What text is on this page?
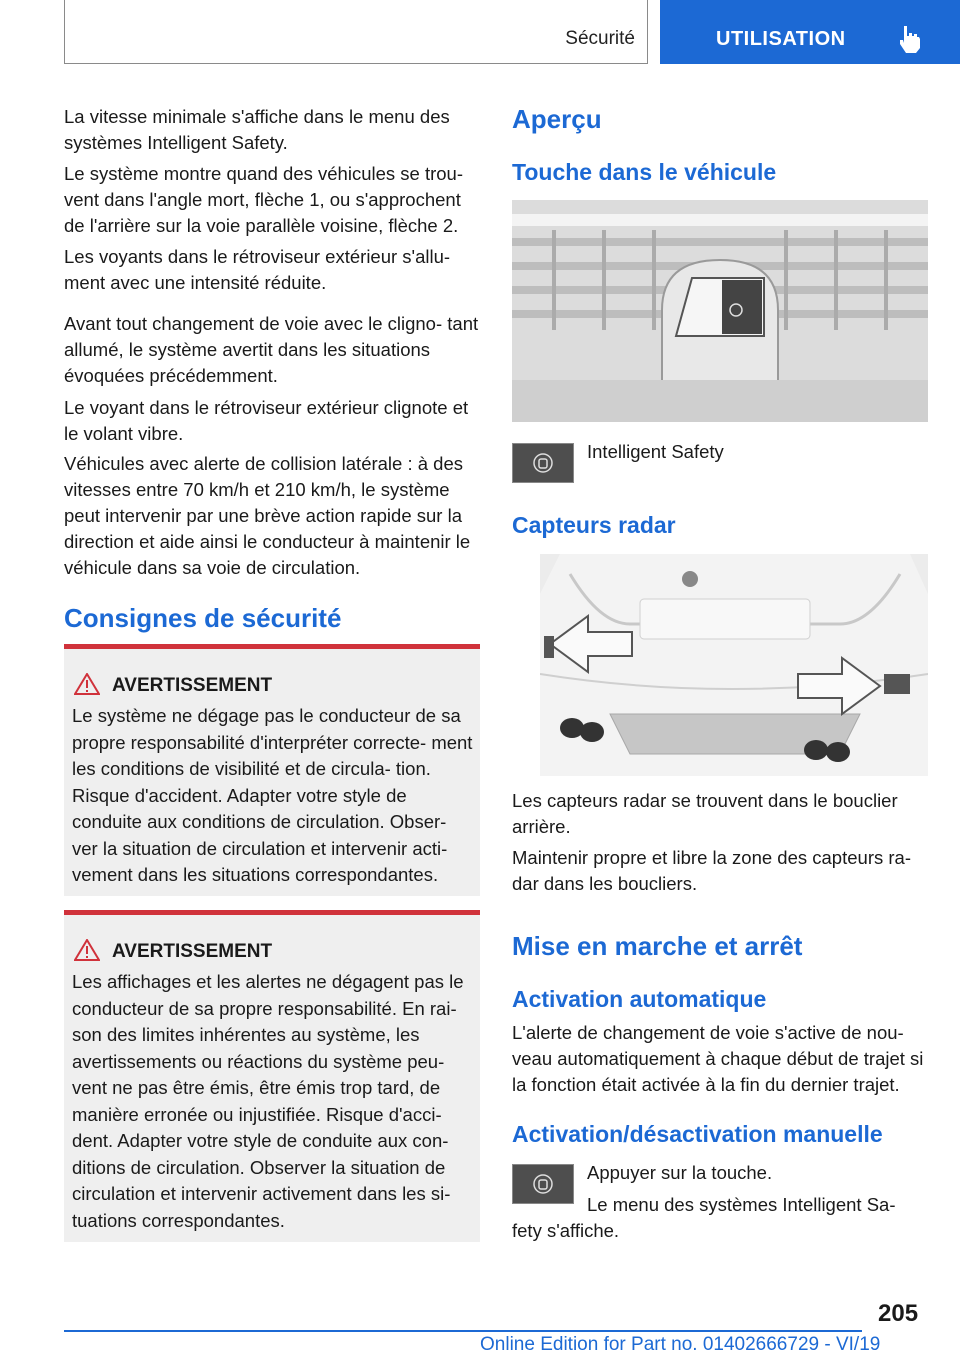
Sécurité	UTILISATION

La vitesse minimale s'affiche dans le menu des systèmes Intelligent Safety.

Le système montre quand des véhicules se trou- vent dans l'angle mort, flèche 1, ou s'approchent de l'arrière sur la voie parallèle voisine, flèche 2.

Les voyants dans le rétroviseur extérieur s'allu- ment avec une intensité réduite.

Avant tout changement de voie avec le cligno- tant allumé, le système avertit dans les situations évoquées précédemment.

Le voyant dans le rétroviseur extérieur clignote et le volant vibre.

Véhicules avec alerte de collision latérale : à des vitesses entre 70 km/h et 210 km/h, le système peut intervenir par une brève action rapide sur la direction et aide ainsi le conducteur à maintenir le véhicule dans sa voie de circulation.

Consignes de sécurité
AVERTISSEMENT
Le système ne dégage pas le conducteur de sa propre responsabilité d'interpréter correcte- ment les conditions de visibilité et de circula- tion. Risque d'accident. Adapter votre style de conduite aux conditions de circulation. Obser- ver la situation de circulation et intervenir acti- vement dans les situations correspondantes.
AVERTISSEMENT
Les affichages et les alertes ne dégagent pas le conducteur de sa propre responsabilité. En rai- son des limites inhérentes au système, les avertissements ou réactions du système peu- vent ne pas être émis, être émis trop tard, de manière erronée ou injustifiée. Risque d'acci- dent. Adapter votre style de conduite aux con- ditions de circulation. Observer la situation de circulation et intervenir activement dans les si- tuations correspondantes.
Aperçu
Touche dans le véhicule
Intelligent Safety
Capteurs radar

Les capteurs radar se trouvent dans le bouclier arrière.

Maintenir propre et libre la zone des capteurs ra- dar dans les boucliers.

Mise en marche et arrêt
Activation automatique

L'alerte de changement de voie s'active de nou- veau automatiquement à chaque début de trajet si la fonction était activée à la fin du dernier trajet.

Activation/désactivation manuelle
Appuyer sur la touche.

Le menu des systèmes Intelligent Sa- fety s'affiche.

205
Online Edition for Part no. 01402666729 - VI/19
